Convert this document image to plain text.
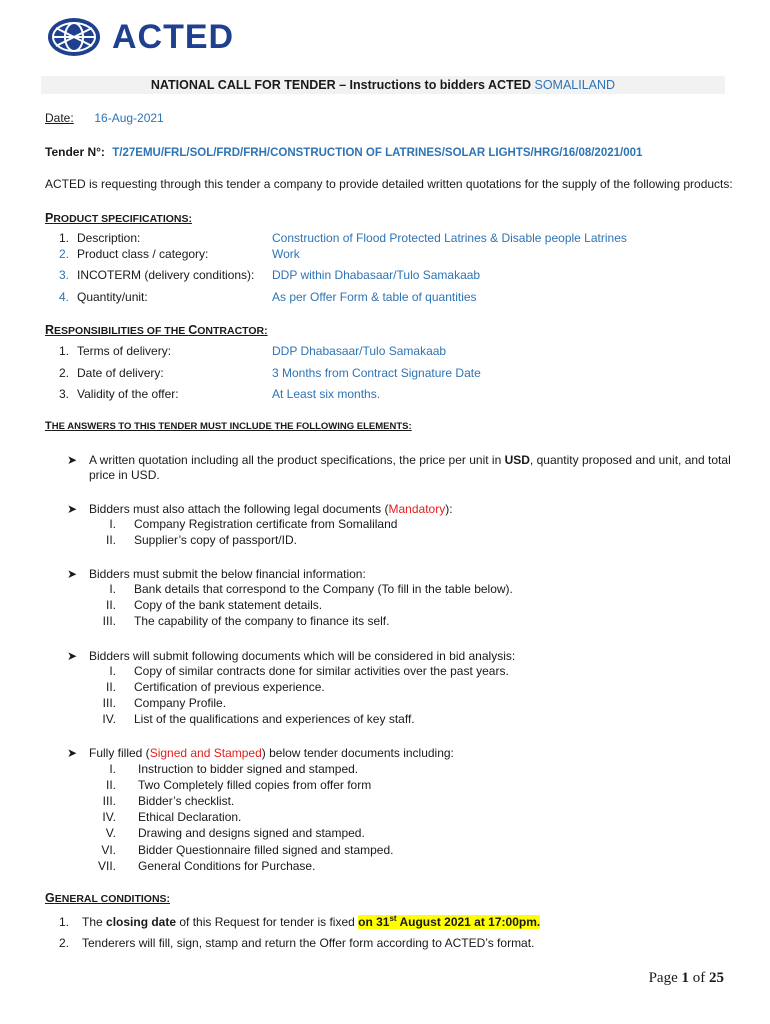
ACTED
NATIONAL CALL FOR TENDER – Instructions to bidders ACTED SOMALILAND
Date: 16-Aug-2021
Tender N°: T/27EMU/FRL/SOL/FRD/FRH/CONSTRUCTION OF LATRINES/SOLAR LIGHTS/HRG/16/08/2021/001
ACTED is requesting through this tender a company to provide detailed written quotations for the supply of the following products:
PRODUCT SPECIFICATIONS:
1. Description:	Construction of Flood Protected Latrines & Disable people Latrines
2. Product class / category:	Work
3. INCOTERM (delivery conditions): DDP within Dhabasaar/Tulo Samakaab
4. Quantity/unit:	As per Offer Form & table of quantities
RESPONSIBILITIES OF THE CONTRACTOR:
1. Terms of delivery:	DDP Dhabasaar/Tulo Samakaab
2. Date of delivery:	3 Months from Contract Signature Date
3. Validity of the offer:	At Least six months.
THE ANSWERS TO THIS TENDER MUST INCLUDE THE FOLLOWING ELEMENTS:
➤ A written quotation including all the product specifications, the price per unit in USD, quantity proposed and unit, and total
price in USD.
➤ Bidders must also attach the following legal documents (Mandatory):
I. Company Registration certificate from Somaliland
II. Supplier’s copy of passport/ID.
➤ Bidders must submit the below financial information:
I. Bank details that correspond to the Company (To fill in the table below).
II. Copy of the bank statement details.
III. The capability of the company to finance its self.
➤ Bidders will submit following documents which will be considered in bid analysis:
I. Copy of similar contracts done for similar activities over the past years.
II. Certification of previous experience.
III. Company Profile.
IV. List of the qualifications and experiences of key staff.
➤ Fully filled (Signed and Stamped) below tender documents including:
I. Instruction to bidder signed and stamped.
II. Two Completely filled copies from offer form
III. Bidder’s checklist.
IV. Ethical Declaration.
V. Drawing and designs signed and stamped.
VI. Bidder Questionnaire filled signed and stamped.
VII. General Conditions for Purchase.
GENERAL CONDITIONS:
1. The closing date of this Request for tender is fixed on 31st August 2021 at 17:00pm.
2. Tenderers will fill, sign, stamp and return the Offer form according to ACTED’s format.
Page 1 of 25
